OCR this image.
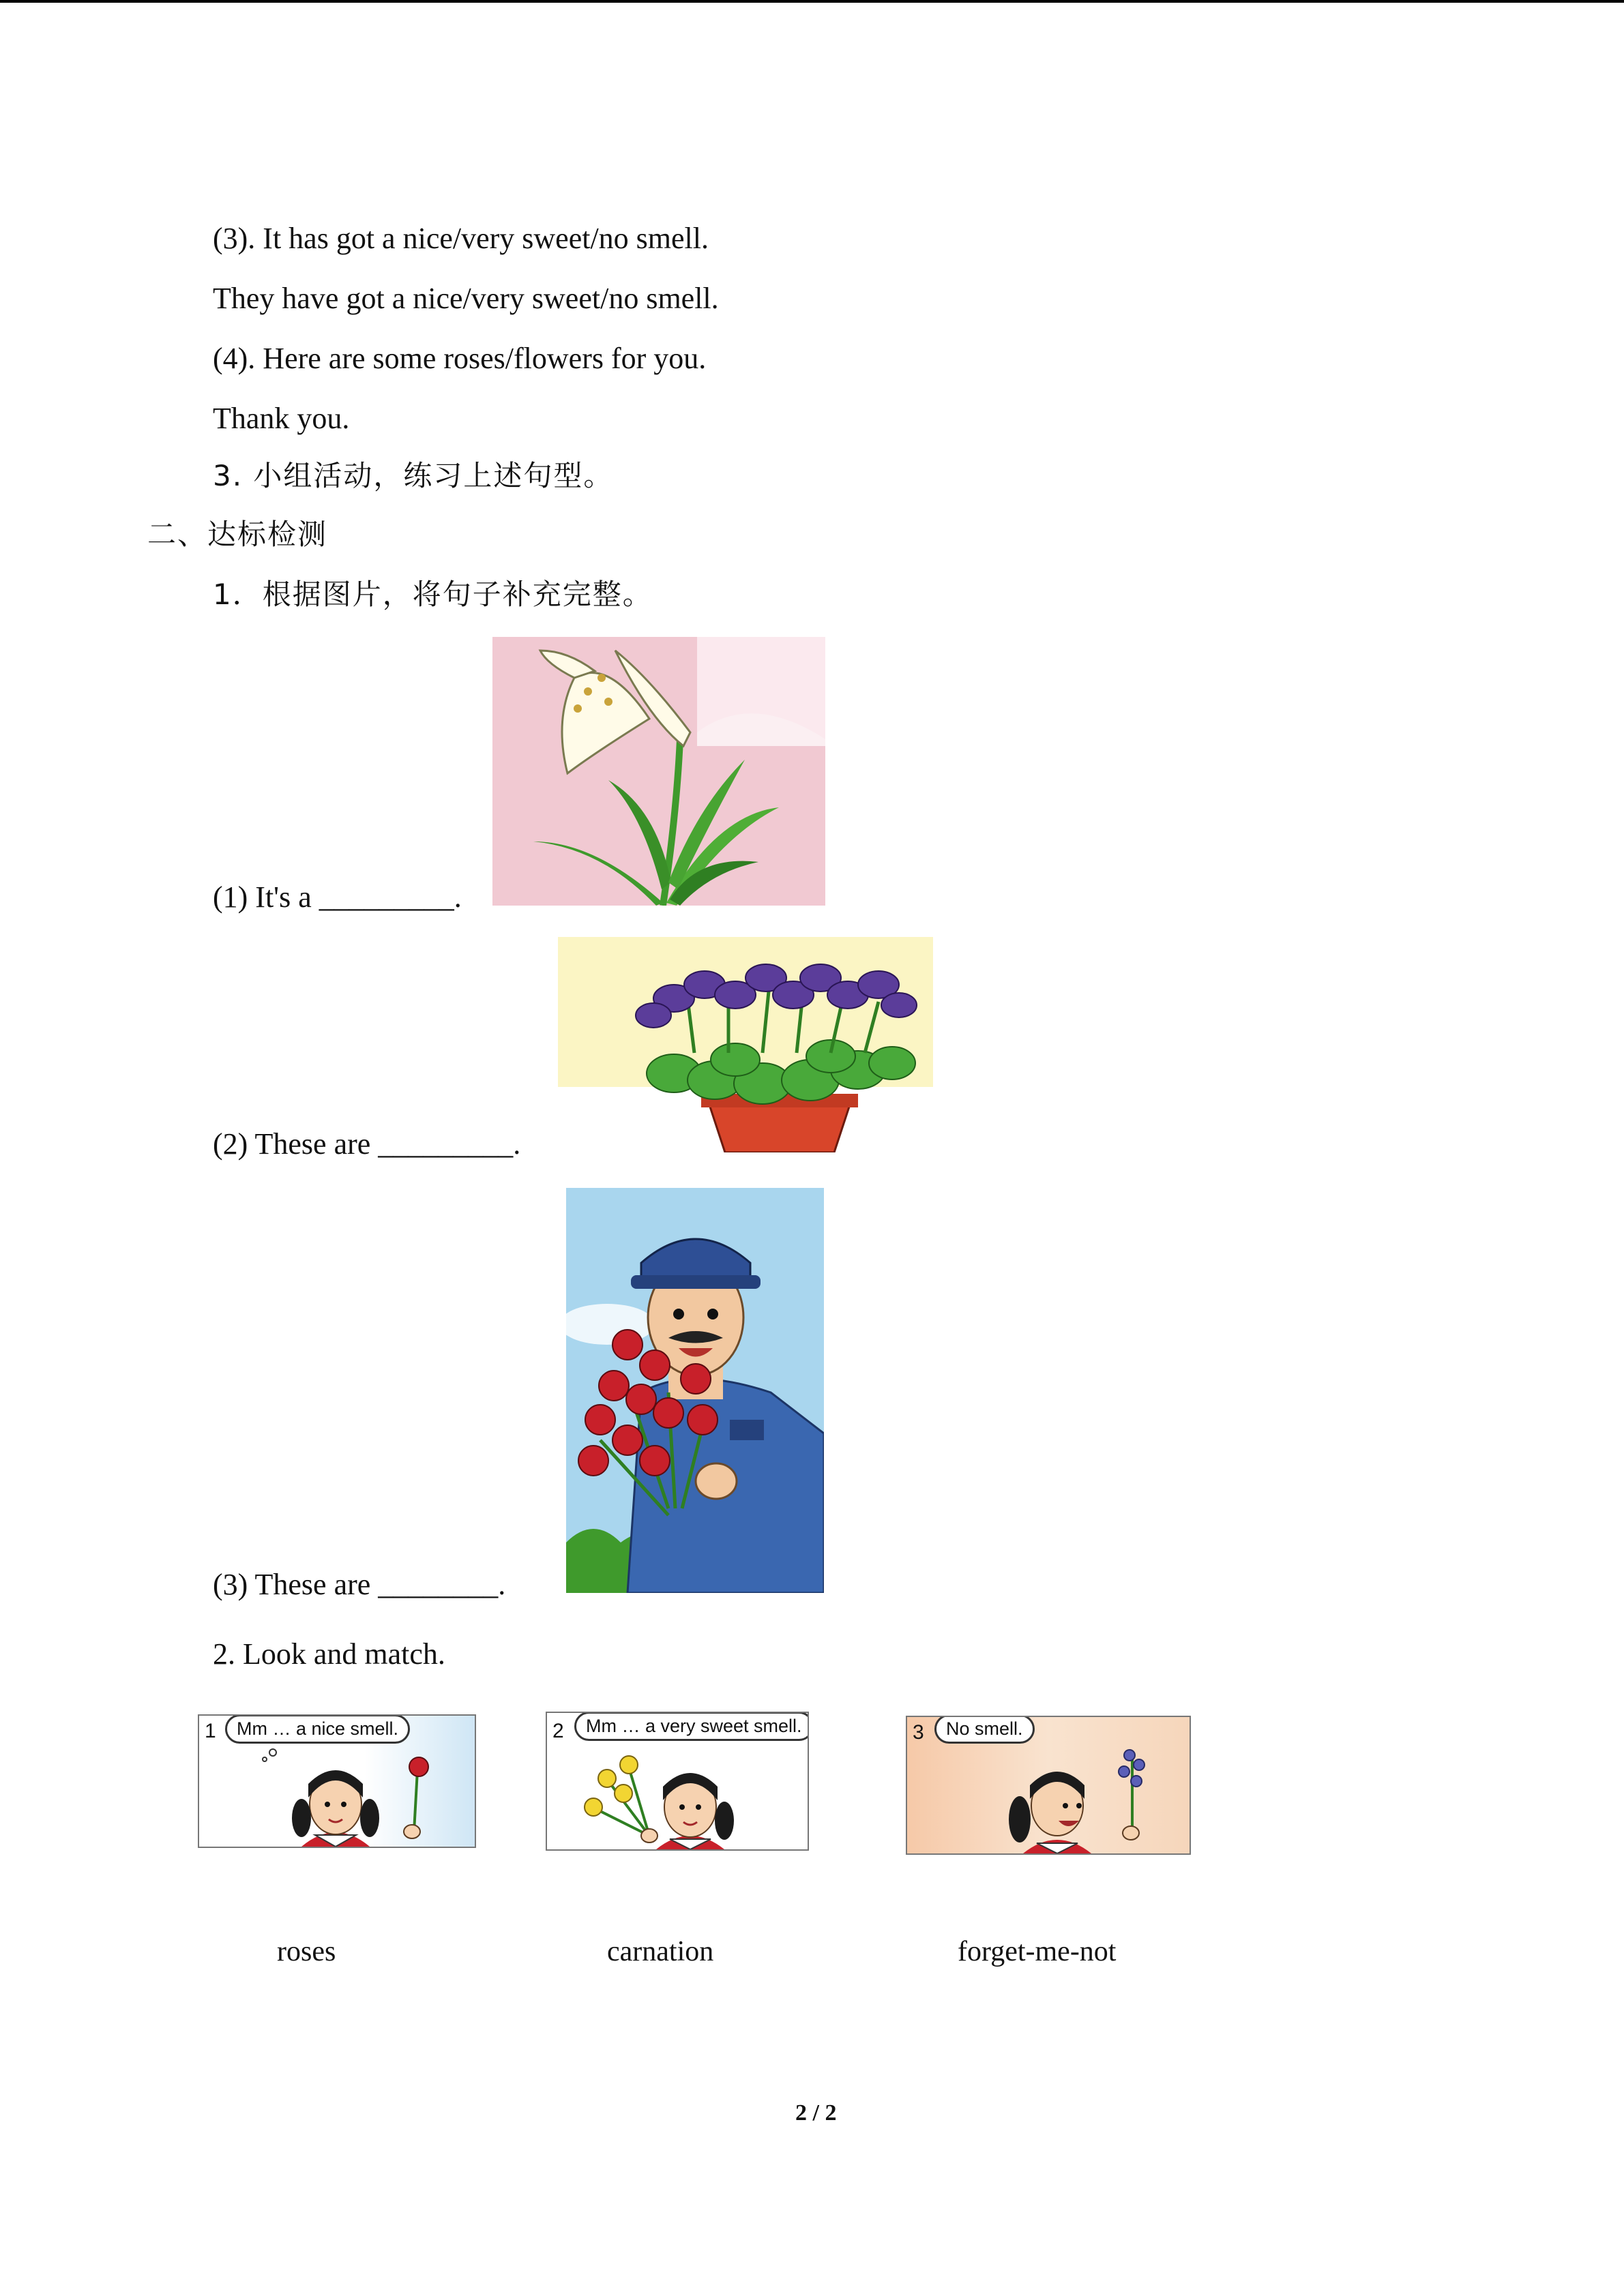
(3). It has got a nice/very sweet/no smell.
They have got a nice/very sweet/no smell.
(4). Here are some roses/flowers for you.
Thank you.
3. 小组活动，练习上述句型。
二、达标检测
1．根据图片，将句子补充完整。
(1) It's a _________.
(2) These are _________.
(3) These are ________.
2. Look and match.
1	Mm … a nice smell.	2	Mm … a very sweet smell.	3	No smell.
roses	carnation	forget-me-not
2 / 2
